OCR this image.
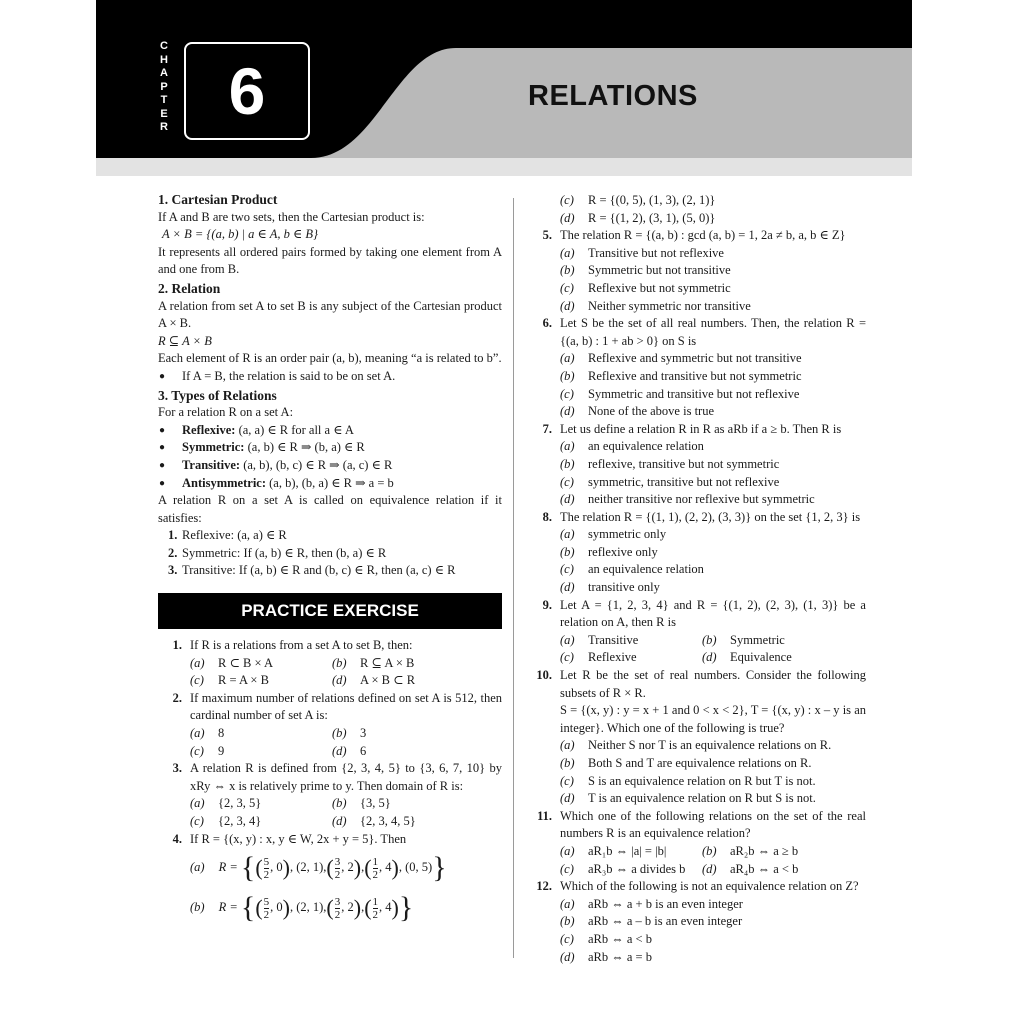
C
H
A
P
T
E
R 6	RELATIONS
1. Cartesian Product
If A and B are two sets, then the Cartesian product is:
A × B = {(a, b) | a ∈ A, b ∈ B}
It represents all ordered pairs formed by taking one element from A and one from B.
2. Relation
A relation from set A to set B is any subject of the Cartesian product A × B.
R ⊆ A × B
Each element of R is an order pair (a, b), meaning “a is related to b”.
● If A = B, the relation is said to be on set A.
3. Types of Relations
For a relation R on a set A:
● Reflexive: (a, a) ∈ R for all a ∈ A
● Symmetric: (a, b) ∈ R ⇒ (b, a) ∈ R
● Transitive: (a, b), (b, c) ∈ R ⇒ (a, c) ∈ R
● Antisymmetric: (a, b), (b, a) ∈ R ⇒ a = b
A relation R on a set A is called on equivalence relation if it satisfies:
1. Reflexive: (a, a) ∈ R
2. Symmetric: If (a, b) ∈ R, then (b, a) ∈ R
3. Transitive: If (a, b) ∈ R and (b, c) ∈ R, then (a, c) ∈ R
PRACTICE EXERCISE
1. If R is a relations from a set A to set B, then:
(a) R ⊂ B × A	(b) R ⊆ A × B
(c) R = A × B	(d) A × B ⊂ R
2. If maximum number of relations defined on set A is 512, then cardinal number of set A is:
(a) 8	(b) 3
(c) 9	(d) 6
3. A relation R is defined from {2, 3, 4, 5} to {3, 6, 7, 10} by xRy ⇔ x is relatively prime to y. Then domain of R is:
(a) {2, 3, 5}	(b) {3, 5}
(c) {2, 3, 4}	(d) {2, 3, 4, 5}
4. If R = {(x, y) : x, y ∈ W, 2x + y = 5}. Then
(a) R =
{ ( $\frac{5}{2}$ , 0 ) , (2, 1), ( $\frac{3}{2}$ , 2 ) , ( $\frac{1}{2}$ , 4 ) , (0, 5) }
(b) R =
{ ( $\frac{5}{2}$ , 0 ) , (2, 1), ( $\frac{3}{2}$ , 2 ) , ( $\frac{1}{2}$ , 4 ) }
(c) R = {(0, 5), (1, 3), (2, 1)}
(d) R = {(1, 2), (3, 1), (5, 0)}
5. The relation R = {(a, b) : gcd (a, b) = 1, 2a ≠ b, a, b ∈ Z}
(a) Transitive but not reflexive
(b) Symmetric but not transitive
(c) Reflexive but not symmetric
(d) Neither symmetric nor transitive
6. Let S be the set of all real numbers. Then, the relation R = {(a, b) : 1 + ab > 0} on S is
(a) Reflexive and symmetric but not transitive
(b) Reflexive and transitive but not symmetric
(c) Symmetric and transitive but not reflexive
(d) None of the above is true
7. Let us define a relation R in R as aRb if a ≥ b. Then R is
(a) an equivalence relation
(b) reflexive, transitive but not symmetric
(c) symmetric, transitive but not reflexive
(d) neither transitive nor reflexive but symmetric
8. The relation R = {(1, 1), (2, 2), (3, 3)} on the set {1, 2, 3} is
(a) symmetric only
(b) reflexive only
(c) an equivalence relation
(d) transitive only
9. Let A = {1, 2, 3, 4} and R = {(1, 2), (2, 3), (1, 3)} be a relation on A, then R is
(a) Transitive	(b) Symmetric
(c) Reflexive	(d) Equivalence
10. Let R be the set of real numbers. Consider the following subsets of R × R.
S = {(x, y) : y = x + 1 and 0 < x < 2}, T = {(x, y) : x – y is an integer}. Which one of the following is true?
(a) Neither S nor T is an equivalence relations on R.
(b) Both S and T are equivalence relations on R.
(c) S is an equivalence relation on R but T is not.
(d) T is an equivalence relation on R but S is not.
11. Which one of the following relations on the set of the real numbers R is an equivalence relation?
(a) aR₁b ⇔ |a| = |b|	(b) aR₂b ⇔ a ≥ b
(c) aR₃b ⇔ a divides b	(d) aR₄b ⇔ a < b
12. Which of the following is not an equivalence relation on Z?
(a) aRb ⇔ a + b is an even integer
(b) aRb ⇔ a – b is an even integer
(c) aRb ⇔ a < b
(d) aRb ⇔ a = b
